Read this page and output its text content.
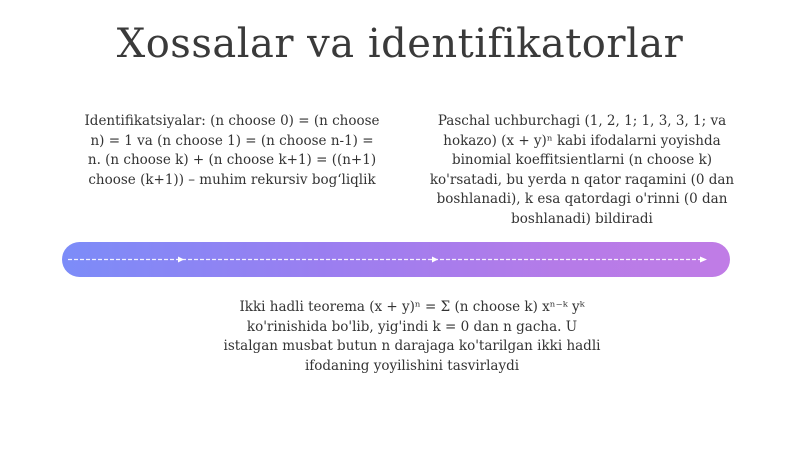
Xossalar va identifikatorlar
Identifikatsiyalar: (n choose 0) = (n choose n) = 1 va (n choose 1) = (n choose n-1) = n. (n choose k) + (n choose k+1) = ((n+1) choose (k+1)) – muhim rekursiv bog‘liqlik
Paschal uchburchagi (1, 2, 1; 1, 3, 3, 1; va hokazo) (x + y)ⁿ kabi ifodalarni yoyishda binomial koeffitsientlarni (n choose k) ko'rsatadi, bu yerda n qator raqamini (0 dan boshlanadi), k esa qatordagi o'rinni (0 dan boshlanadi) bildiradi
Ikki hadli teorema (x + y)ⁿ = Σ (n choose k) xⁿ⁻ᵏ yᵏ ko'rinishida bo'lib, yig'indi k = 0 dan n gacha. U istalgan musbat butun n darajaga ko'tarilgan ikki hadli ifodaning yoyilishini tasvirlaydi
